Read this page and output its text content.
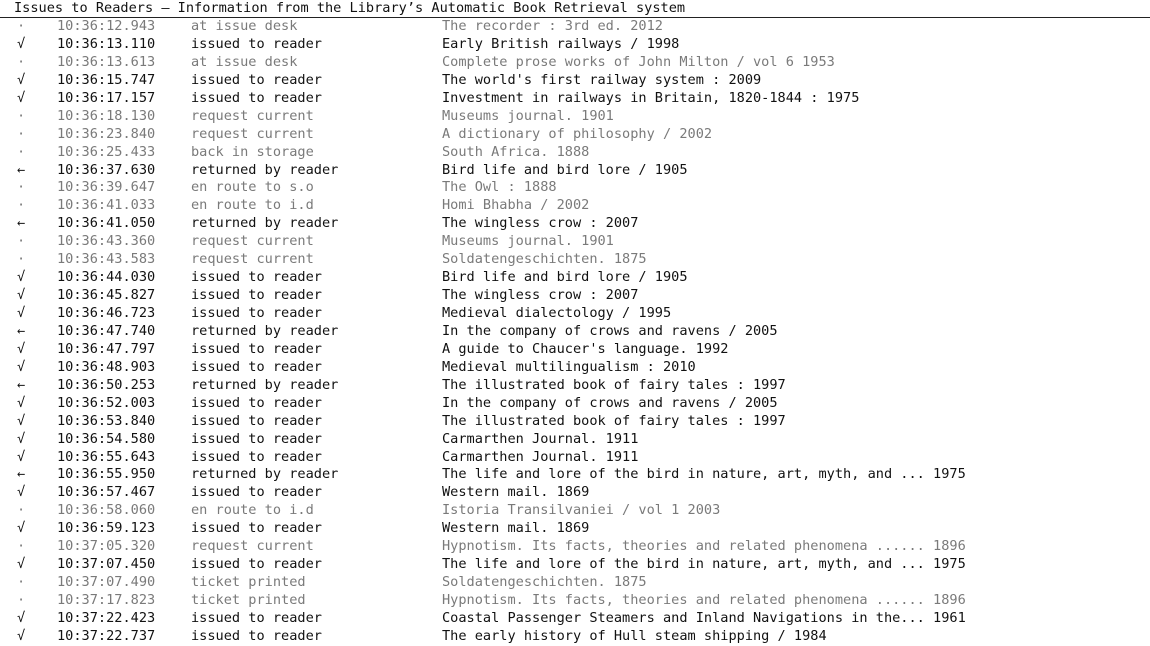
Issues to Readers – Information from the Library’s Automatic Book Retrieval system
·	10:36:12.943	at issue desk	The recorder : 3rd ed. 2012
√	10:36:13.110	issued to reader	Early British railways / 1998
·	10:36:13.613	at issue desk	Complete prose works of John Milton / vol 6 1953
√	10:36:15.747	issued to reader	The world's first railway system : 2009
√	10:36:17.157	issued to reader	Investment in railways in Britain, 1820-1844 : 1975
·	10:36:18.130	request current	Museums journal. 1901
·	10:36:23.840	request current	A dictionary of philosophy / 2002
·	10:36:25.433	back in storage	South Africa. 1888
←	10:36:37.630	returned by reader	Bird life and bird lore / 1905
·	10:36:39.647	en route to s.o	The Owl : 1888
·	10:36:41.033	en route to i.d	Homi Bhabha / 2002
←	10:36:41.050	returned by reader	The wingless crow : 2007
·	10:36:43.360	request current	Museums journal. 1901
·	10:36:43.583	request current	Soldatengeschichten. 1875
√	10:36:44.030	issued to reader	Bird life and bird lore / 1905
√	10:36:45.827	issued to reader	The wingless crow : 2007
√	10:36:46.723	issued to reader	Medieval dialectology / 1995
←	10:36:47.740	returned by reader	In the company of crows and ravens / 2005
√	10:36:47.797	issued to reader	A guide to Chaucer's language. 1992
√	10:36:48.903	issued to reader	Medieval multilingualism : 2010
←	10:36:50.253	returned by reader	The illustrated book of fairy tales : 1997
√	10:36:52.003	issued to reader	In the company of crows and ravens / 2005
√	10:36:53.840	issued to reader	The illustrated book of fairy tales : 1997
√	10:36:54.580	issued to reader	Carmarthen Journal. 1911
√	10:36:55.643	issued to reader	Carmarthen Journal. 1911
←	10:36:55.950	returned by reader	The life and lore of the bird in nature, art, myth, and ... 1975
√	10:36:57.467	issued to reader	Western mail. 1869
·	10:36:58.060	en route to i.d	Istoria Transilvaniei / vol 1 2003
√	10:36:59.123	issued to reader	Western mail. 1869
·	10:37:05.320	request current	Hypnotism. Its facts, theories and related phenomena ...... 1896
√	10:37:07.450	issued to reader	The life and lore of the bird in nature, art, myth, and ... 1975
·	10:37:07.490	ticket printed	Soldatengeschichten. 1875
·	10:37:17.823	ticket printed	Hypnotism. Its facts, theories and related phenomena ...... 1896
√	10:37:22.423	issued to reader	Coastal Passenger Steamers and Inland Navigations in the... 1961
√	10:37:22.737	issued to reader	The early history of Hull steam shipping / 1984
